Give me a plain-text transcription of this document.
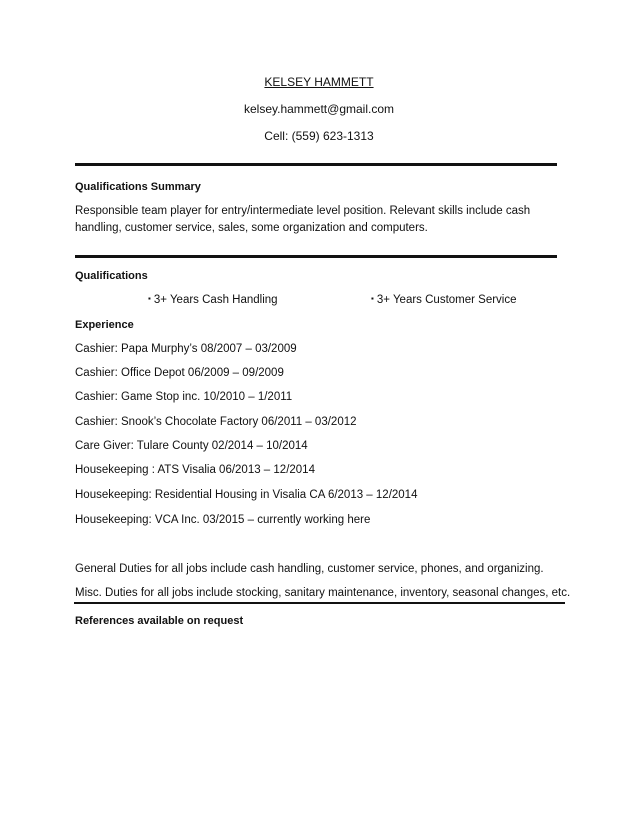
KELSEY HAMMETT
kelsey.hammett@gmail.com
Cell: (559) 623-1313
Qualifications Summary
Responsible team player for entry/intermediate level position. Relevant skills include cash handling, customer service, sales, some organization and computers.
Qualifications
▪ 3+ Years Cash Handling	▪ 3+ Years Customer Service
Experience
Cashier: Papa Murphy’s 08/2007 – 03/2009
Cashier: Office Depot 06/2009 – 09/2009
Cashier: Game Stop inc. 10/2010 – 1/2011
Cashier: Snook’s Chocolate Factory 06/2011 – 03/2012
Care Giver: Tulare County 02/2014 – 10/2014
Housekeeping : ATS Visalia 06/2013 – 12/2014
Housekeeping: Residential Housing in Visalia CA 6/2013 – 12/2014
Housekeeping: VCA Inc. 03/2015 – currently working here
General Duties for all jobs include cash handling, customer service, phones, and organizing.
Misc. Duties for all jobs include stocking, sanitary maintenance, inventory, seasonal changes, etc.
References available on request
